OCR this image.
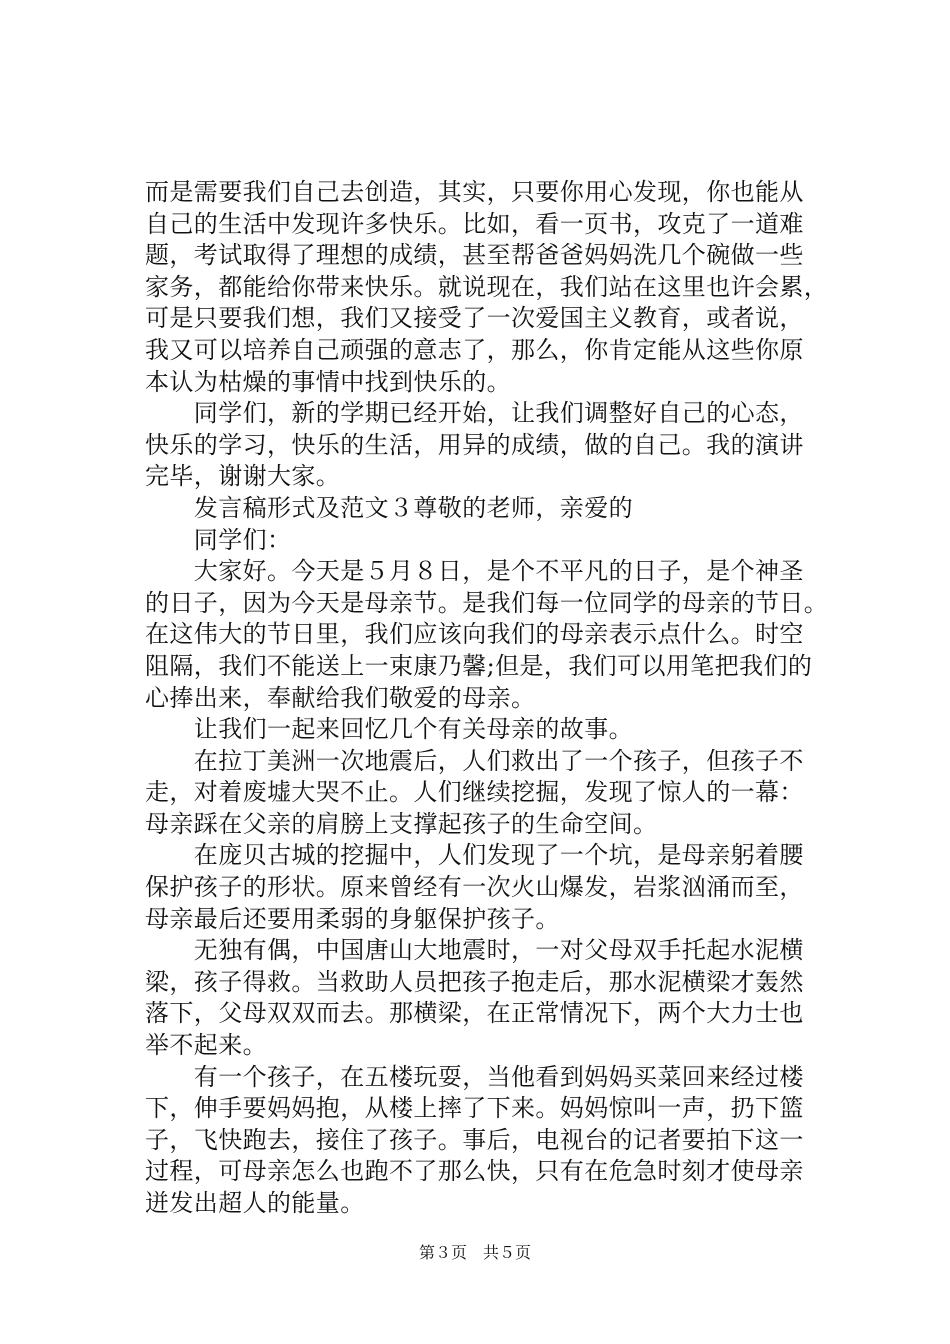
而是需要我们自己去创造，其实，只要你用心发现，你也能从
自己的生活中发现许多快乐。比如，看一页书，攻克了一道难
题，考试取得了理想的成绩，甚至帮爸爸妈妈洗几个碗做一些
家务，都能给你带来快乐。就说现在，我们站在这里也许会累，
可是只要我们想，我们又接受了一次爱国主义教育，或者说，
我又可以培养自己顽强的意志了，那么，你肯定能从这些你原
本认为枯燥的事情中找到快乐的。
　　同学们，新的学期已经开始，让我们调整好自己的心态，
快乐的学习，快乐的生活，用异的成绩，做的自己。我的演讲
完毕，谢谢大家。
　　发言稿形式及范文３尊敬的老师，亲爱的
　　同学们：
　　大家好。今天是５月８日，是个不平凡的日子，是个神圣
的日子，因为今天是母亲节。是我们每一位同学的母亲的节日。
在这伟大的节日里，我们应该向我们的母亲表示点什么。时空
阻隔，我们不能送上一束康乃馨;但是，我们可以用笔把我们的
心捧出来，奉献给我们敬爱的母亲。
　　让我们一起来回忆几个有关母亲的故事。
　　在拉丁美洲一次地震后，人们救出了一个孩子，但孩子不
走，对着废墟大哭不止。人们继续挖掘，发现了惊人的一幕：
母亲踩在父亲的肩膀上支撑起孩子的生命空间。
　　在庞贝古城的挖掘中，人们发现了一个坑，是母亲躬着腰
保护孩子的形状。原来曾经有一次火山爆发，岩浆汹涌而至，
母亲最后还要用柔弱的身躯保护孩子。
　　无独有偶，中国唐山大地震时，一对父母双手托起水泥横
梁，孩子得救。当救助人员把孩子抱走后，那水泥横梁才轰然
落下，父母双双而去。那横梁，在正常情况下，两个大力士也
举不起来。
　　有一个孩子，在五楼玩耍，当他看到妈妈买菜回来经过楼
下，伸手要妈妈抱，从楼上摔了下来。妈妈惊叫一声，扔下篮
子，飞快跑去，接住了孩子。事后，电视台的记者要拍下这一
过程，可母亲怎么也跑不了那么快，只有在危急时刻才使母亲
迸发出超人的能量。
第３页　共５页
